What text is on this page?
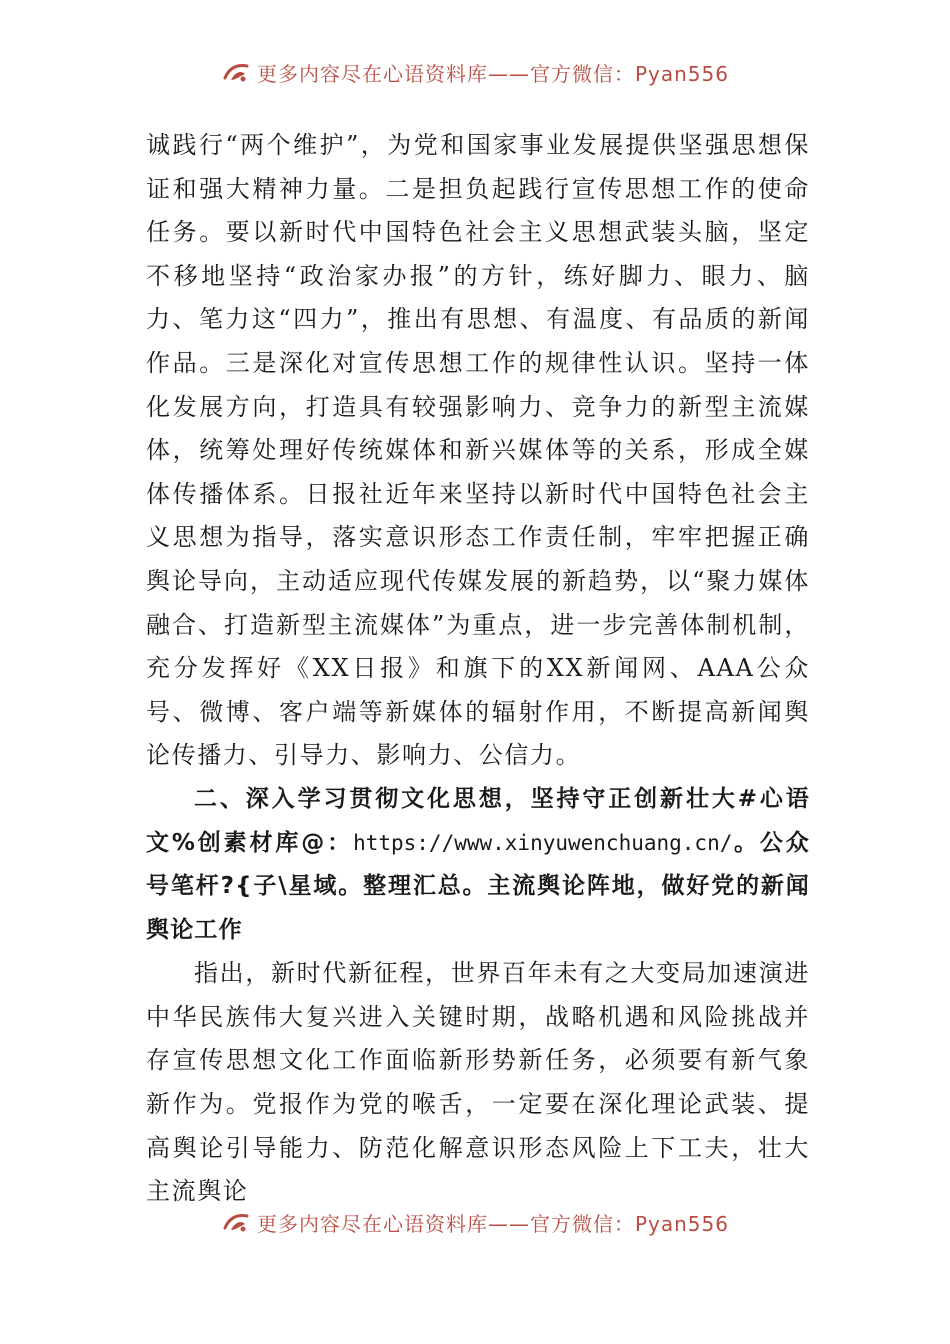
更多内容尽在心语资料库——官方微信：Pyan556

诚践行“两个维护”，为党和国家事业发展提供坚强思想保证和强大精神力量。二是担负起践行宣传思想工作的使命任务。要以新时代中国特色社会主义思想武装头脑，坚定不移地坚持“政治家办报”的方针，练好脚力、眼力、脑力、笔力这“四力”，推出有思想、有温度、有品质的新闻作品。三是深化对宣传思想工作的规律性认识。坚持一体化发展方向，打造具有较强影响力、竞争力的新型主流媒体，统筹处理好传统媒体和新兴媒体等的关系，形成全媒体传播体系。日报社近年来坚持以新时代中国特色社会主义思想为指导，落实意识形态工作责任制，牢牢把握正确舆论导向，主动适应现代传媒发展的新趋势，以“聚力媒体融合、打造新型主流媒体”为重点，进一步完善体制机制，充分发挥好《XX日报》和旗下的XX新闻网、AAA公众号、微博、客户端等新媒体的辐射作用，不断提高新闻舆论传播力、引导力、影响力、公信力。

二、深入学习贯彻文化思想，坚持守正创新壮大#心语文%创素材库@：https://www.xinyuwenchuang.cn/。公众号笔杆?{子\星域。整理汇总。主流舆论阵地，做好党的新闻舆论工作

指出，新时代新征程，世界百年未有之大变局加速演进中华民族伟大复兴进入关键时期，战略机遇和风险挑战并存宣传思想文化工作面临新形势新任务，必须要有新气象新作为。党报作为党的喉舌，一定要在深化理论武装、提高舆论引导能力、防范化解意识形态风险上下工夫，壮大主流舆论

更多内容尽在心语资料库——官方微信：Pyan556
